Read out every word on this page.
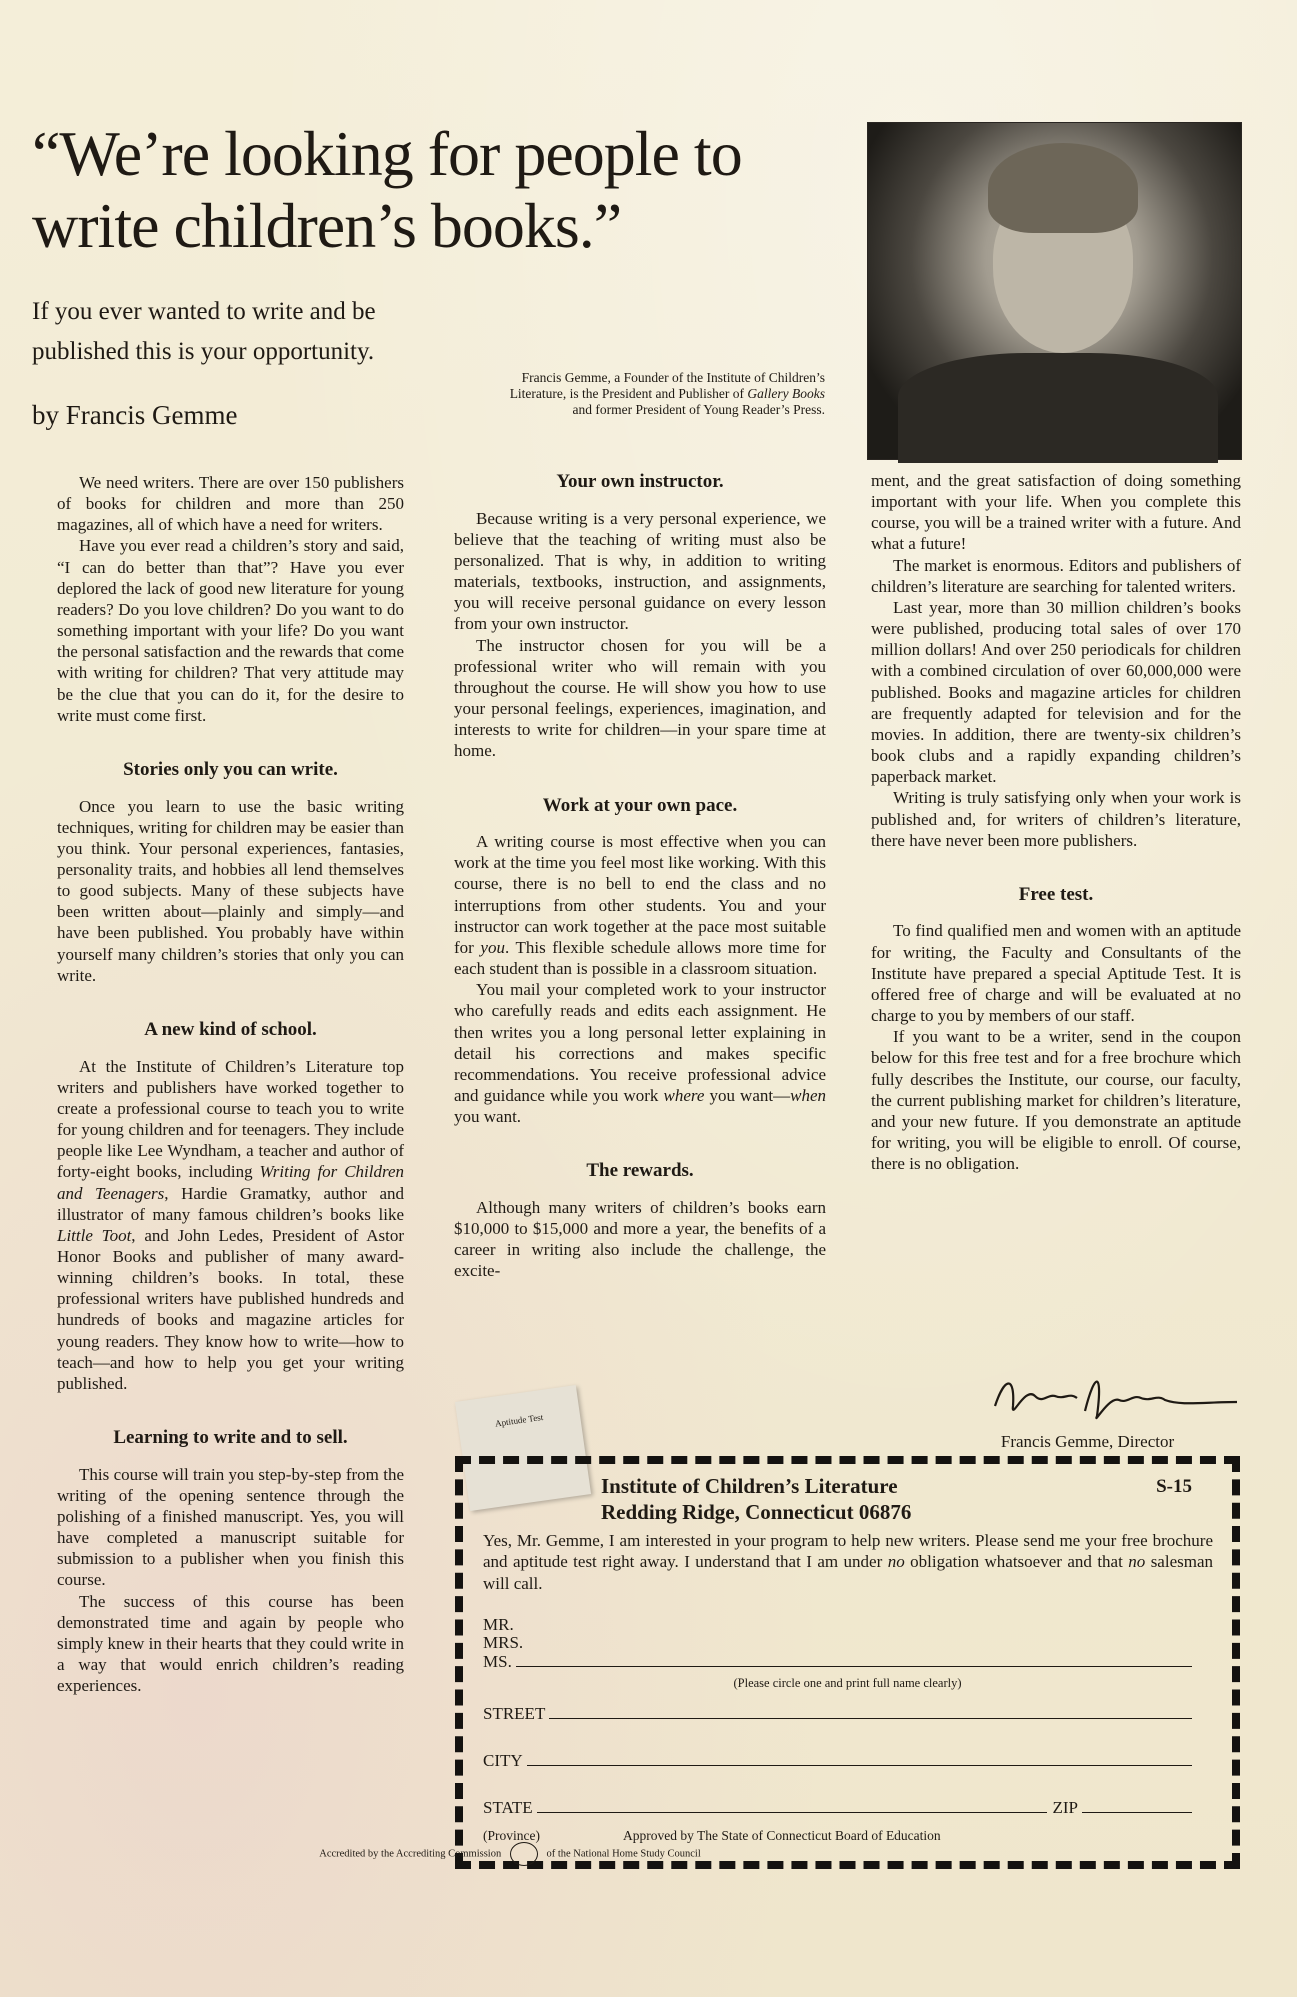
“We’re looking for people to write children’s books.”

If you ever wanted to write and be published this is your opportunity.

by Francis Gemme

Francis Gemme, a Founder of the Institute of Children’s Literature, is the President and Publisher of Gallery Books and former President of Young Reader’s Press.

We need writers. There are over 150 publishers of books for children and more than 250 magazines, all of which have a need for writers.

Have you ever read a children’s story and said, “I can do better than that”? Have you ever deplored the lack of good new literature for young readers? Do you love children? Do you want to do something important with your life? Do you want the personal satisfaction and the rewards that come with writing for children? That very attitude may be the clue that you can do it, for the desire to write must come first.

Stories only you can write.

Once you learn to use the basic writing techniques, writing for children may be easier than you think. Your personal experiences, fantasies, personality traits, and hobbies all lend themselves to good subjects. Many of these subjects have been written about—plainly and simply—and have been published. You probably have within yourself many children’s stories that only you can write.

A new kind of school.

At the Institute of Children’s Literature top writers and publishers have worked together to create a professional course to teach you to write for young children and for teenagers. They include people like Lee Wyndham, a teacher and author of forty-eight books, including Writing for Children and Teenagers, Hardie Gramatky, author and illustrator of many famous children’s books like Little Toot, and John Ledes, President of Astor Honor Books and publisher of many award-winning children’s books. In total, these professional writers have published hundreds and hundreds of books and magazine articles for young readers. They know how to write—how to teach—and how to help you get your writing published.

Learning to write and to sell.

This course will train you step-by-step from the writing of the opening sentence through the polishing of a finished manuscript. Yes, you will have completed a manuscript suitable for submission to a publisher when you finish this course.

The success of this course has been demonstrated time and again by people who simply knew in their hearts that they could write in a way that would enrich children’s reading experiences.

Your own instructor.

Because writing is a very personal experience, we believe that the teaching of writing must also be personalized. That is why, in addition to writing materials, textbooks, instruction, and assignments, you will receive personal guidance on every lesson from your own instructor.

The instructor chosen for you will be a professional writer who will remain with you throughout the course. He will show you how to use your personal feelings, experiences, imagination, and interests to write for children—in your spare time at home.

Work at your own pace.

A writing course is most effective when you can work at the time you feel most like working. With this course, there is no bell to end the class and no interruptions from other students. You and your instructor can work together at the pace most suitable for you. This flexible schedule allows more time for each student than is possible in a classroom situation.

You mail your completed work to your instructor who carefully reads and edits each assignment. He then writes you a long personal letter explaining in detail his corrections and makes specific recommendations. You receive professional advice and guidance while you work where you want—when you want.

The rewards.

Although many writers of children’s books earn $10,000 to $15,000 and more a year, the benefits of a career in writing also include the challenge, the excite-

ment, and the great satisfaction of doing something important with your life. When you complete this course, you will be a trained writer with a future. And what a future!

The market is enormous. Editors and publishers of children’s literature are searching for talented writers.

Last year, more than 30 million children’s books were published, producing total sales of over 170 million dollars! And over 250 periodicals for children with a combined circulation of over 60,000,000 were published. Books and magazine articles for children are frequently adapted for television and for the movies. In addition, there are twenty-six children’s book clubs and a rapidly expanding children’s paperback market.

Writing is truly satisfying only when your work is published and, for writers of children’s literature, there have never been more publishers.

Free test.

To find qualified men and women with an aptitude for writing, the Faculty and Consultants of the Institute have prepared a special Aptitude Test. It is offered free of charge and will be evaluated at no charge to you by members of our staff.

If you want to be a writer, send in the coupon below for this free test and for a free brochure which fully describes the Institute, our course, our faculty, the current publishing market for children’s literature, and your new future. If you demonstrate an aptitude for writing, you will be eligible to enroll. Of course, there is no obligation.

Francis Gemme, Director

Aptitude Test

Institute of Children’s Literature

Redding Ridge, Connecticut 06876

S-15

Yes, Mr. Gemme, I am interested in your program to help new writers. Please send me your free brochure and aptitude test right away. I understand that I am under no obligation whatsoever and that no salesman will call.

MR.
MRS.
MS.

(Please circle one and print full name clearly)

STREET
CITY
STATE	ZIP

(Province)	Approved by The State of Connecticut Board of Education

Accredited by the Accrediting Commission	of the National Home Study Council
